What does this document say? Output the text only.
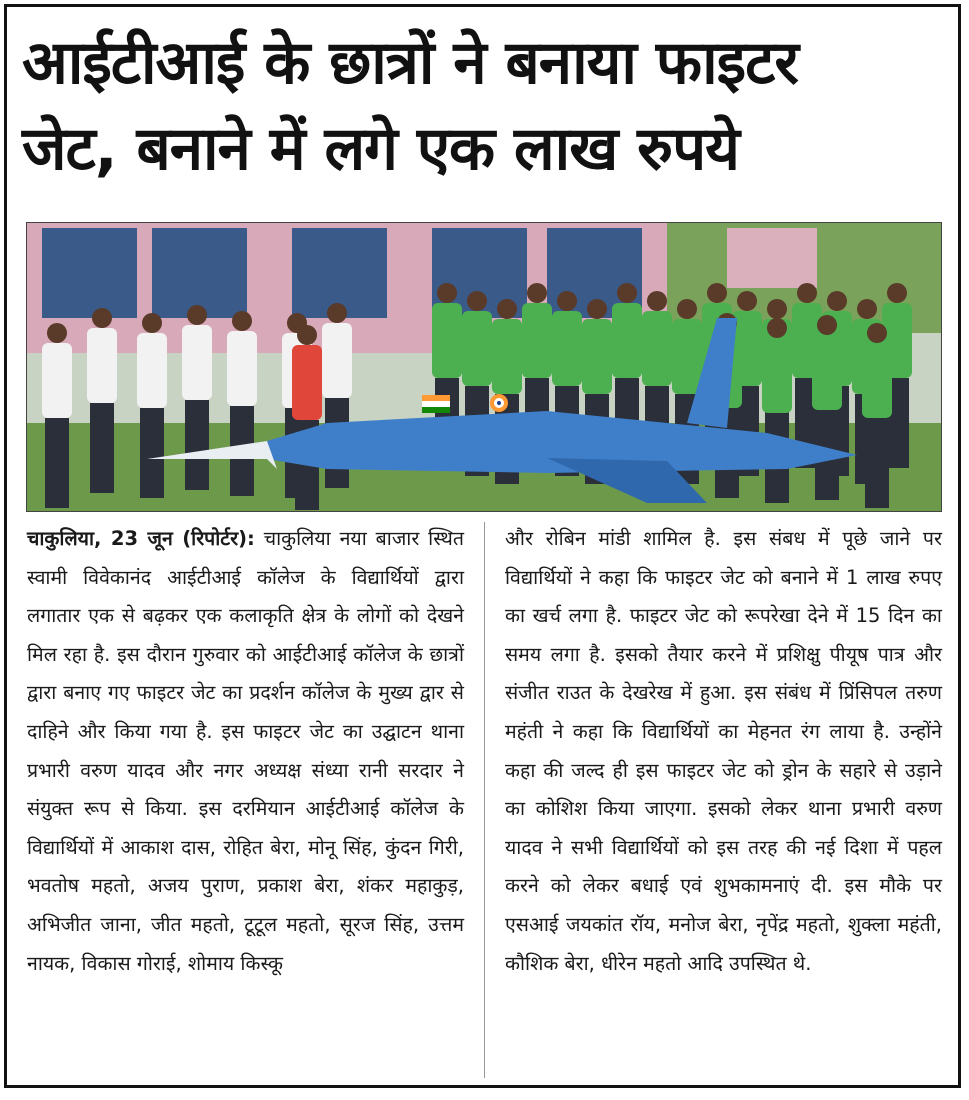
आईटीआई के छात्रों ने बनाया फाइटर
जेट, बनाने में लगे एक लाख रुपये

चाकुलिया, 23 जून (रिपोर्टर): चाकुलिया नया बाजार स्थित स्वामी विवेकानंद आईटीआई कॉलेज के विद्यार्थियों द्वारा लगातार एक से बढ़कर एक कलाकृति क्षेत्र के लोगों को देखने मिल रहा है. इस दौरान गुरुवार को आईटीआई कॉलेज के छात्रों द्वारा बनाए गए फाइटर जेट का प्रदर्शन कॉलेज के मुख्य द्वार से दाहिने और किया गया है. इस फाइटर जेट का उद्घाटन थाना प्रभारी वरुण यादव और नगर अध्यक्ष संध्या रानी सरदार ने संयुक्त रूप से किया. इस दरमियान आईटीआई कॉलेज के विद्यार्थियों में आकाश दास, रोहित बेरा, मोनू सिंह, कुंदन गिरी, भवतोष महतो, अजय पुराण, प्रकाश बेरा, शंकर महाकुड़, अभिजीत जाना, जीत महतो, टूटूल महतो, सूरज सिंह, उत्तम नायक, विकास गोराई, शोमाय किस्कू

और रोबिन मांडी शामिल है. इस संबध में पूछे जाने पर विद्यार्थियों ने कहा कि फाइटर जेट को बनाने में 1 लाख रुपए का खर्च लगा है. फाइटर जेट को रूपरेखा देने में 15 दिन का समय लगा है. इसको तैयार करने में प्रशिक्षु पीयूष पात्र और संजीत राउत के देखरेख में हुआ. इस संबंध में प्रिंसिपल तरुण महंती ने कहा कि विद्यार्थियों का मेहनत रंग लाया है. उन्होंने कहा की जल्द ही इस फाइटर जेट को ड्रोन के सहारे से उड़ाने का कोशिश किया जाएगा. इसको लेकर थाना प्रभारी वरुण यादव ने सभी विद्यार्थियों को इस तरह की नई दिशा में पहल करने को लेकर बधाई एवं शुभकामनाएं दी. इस मौके पर एसआई जयकांत रॉय, मनोज बेरा, नृपेंद्र महतो, शुक्ला महंती, कौशिक बेरा, धीरेन महतो आदि उपस्थित थे.
